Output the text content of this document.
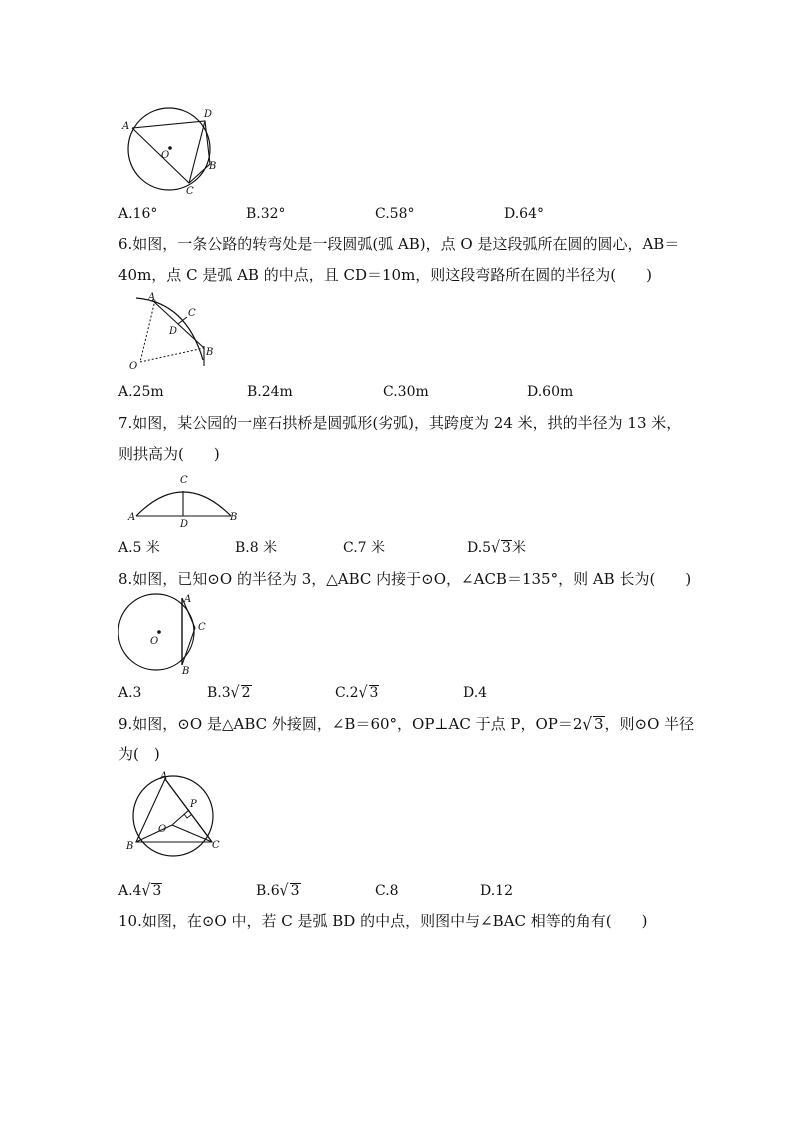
A
D
O
B
C
A.16°	B.32°	C.58°	D.64°
6.如图，一条公路的转弯处是一段圆弧(弧 AB)，点 O 是这段弧所在圆的圆心，AB＝
40m，点 C 是弧 AB 的中点，且 CD＝10m，则这段弯路所在圆的半径为(　　)
A
C
D
O
B
A.25m	B.24m	C.30m	D.60m
7.如图，某公园的一座石拱桥是圆弧形(劣弧)，其跨度为 24 米，拱的半径为 13 米，
则拱高为(　　)
C
A
D
B
A.5 米	B.8 米	C.7 米	D.5√ 3米
8.如图，已知⊙O 的半径为 3，△ABC 内接于⊙O，∠ACB＝135°，则 AB 长为(　　)
A
O
C
B
A.3	B.3√ 2	C.2√ 3	D.4
9.如图，⊙O 是△ABC 外接圆，∠B＝60°，OP⊥AC 于点 P，OP＝2√ 3，则⊙O 半径
为(　)
A
P
O
B	C
A.4√ 3	B.6√ 3	C.8	D.12
10.如图，在⊙O 中，若 C 是弧 BD 的中点，则图中与∠BAC 相等的角有(　　)
